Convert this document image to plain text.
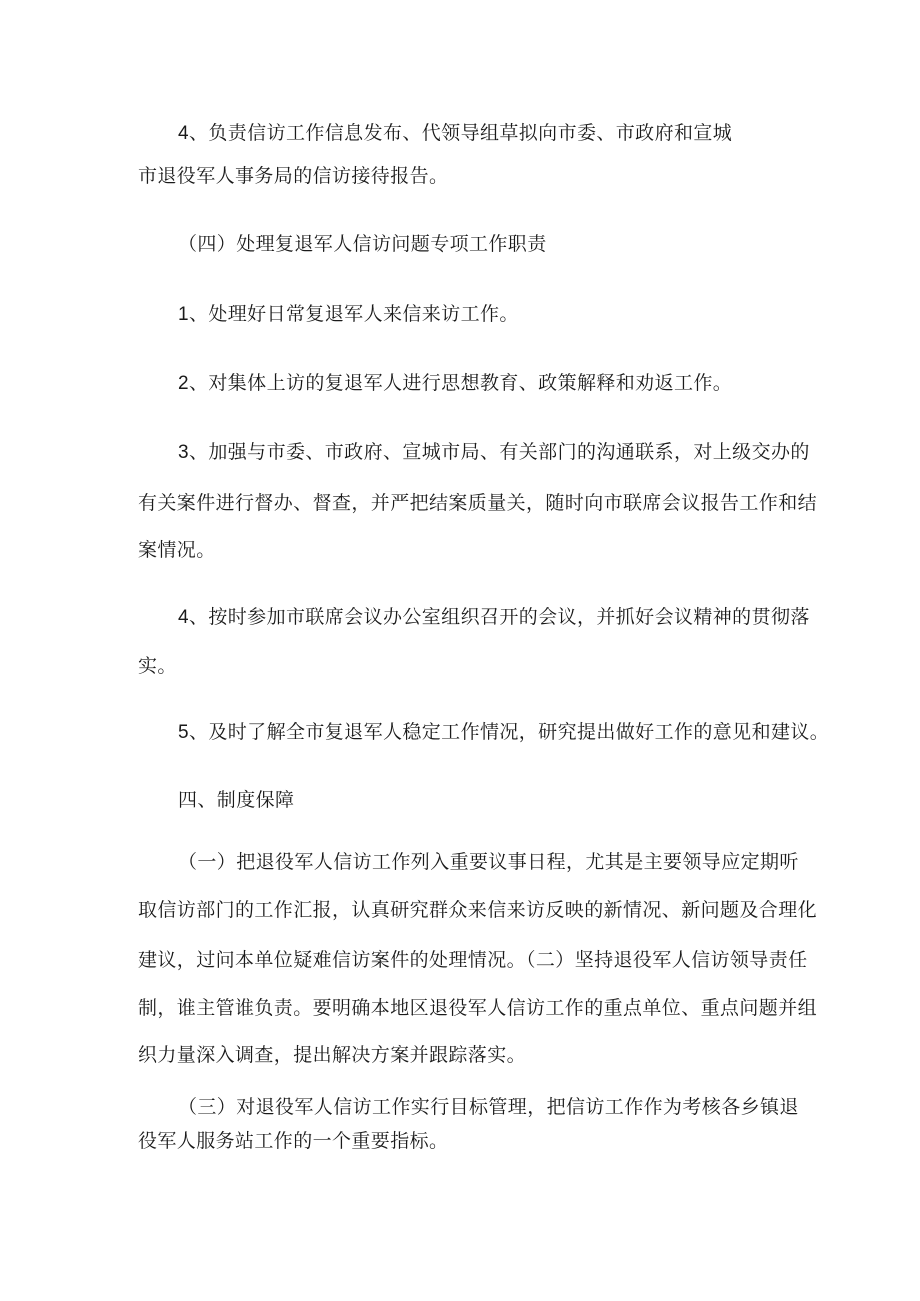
4、负责信访工作信息发布、代领导组草拟向市委、市政府和宣城
市退役军人事务局的信访接待报告。
（四）处理复退军人信访问题专项工作职责
1、处理好日常复退军人来信来访工作。
2、对集体上访的复退军人进行思想教育、政策解释和劝返工作。
3、加强与市委、市政府、宣城市局、有关部门的沟通联系，对上级交办的
有关案件进行督办、督查，并严把结案质量关，随时向市联席会议报告工作和结
案情况。
4、按时参加市联席会议办公室组织召开的会议，并抓好会议精神的贯彻落
实。
5、及时了解全市复退军人稳定工作情况，研究提出做好工作的意见和建议。
四、制度保障
（一）把退役军人信访工作列入重要议事日程，尤其是主要领导应定期听
取信访部门的工作汇报，认真研究群众来信来访反映的新情况、新问题及合理化
建议，过问本单位疑难信访案件的处理情况。（二）坚持退役军人信访领导责任
制，谁主管谁负责。要明确本地区退役军人信访工作的重点单位、重点问题并组
织力量深入调查，提出解决方案并跟踪落实。
（三）对退役军人信访工作实行目标管理，把信访工作作为考核各乡镇退
役军人服务站工作的一个重要指标。
